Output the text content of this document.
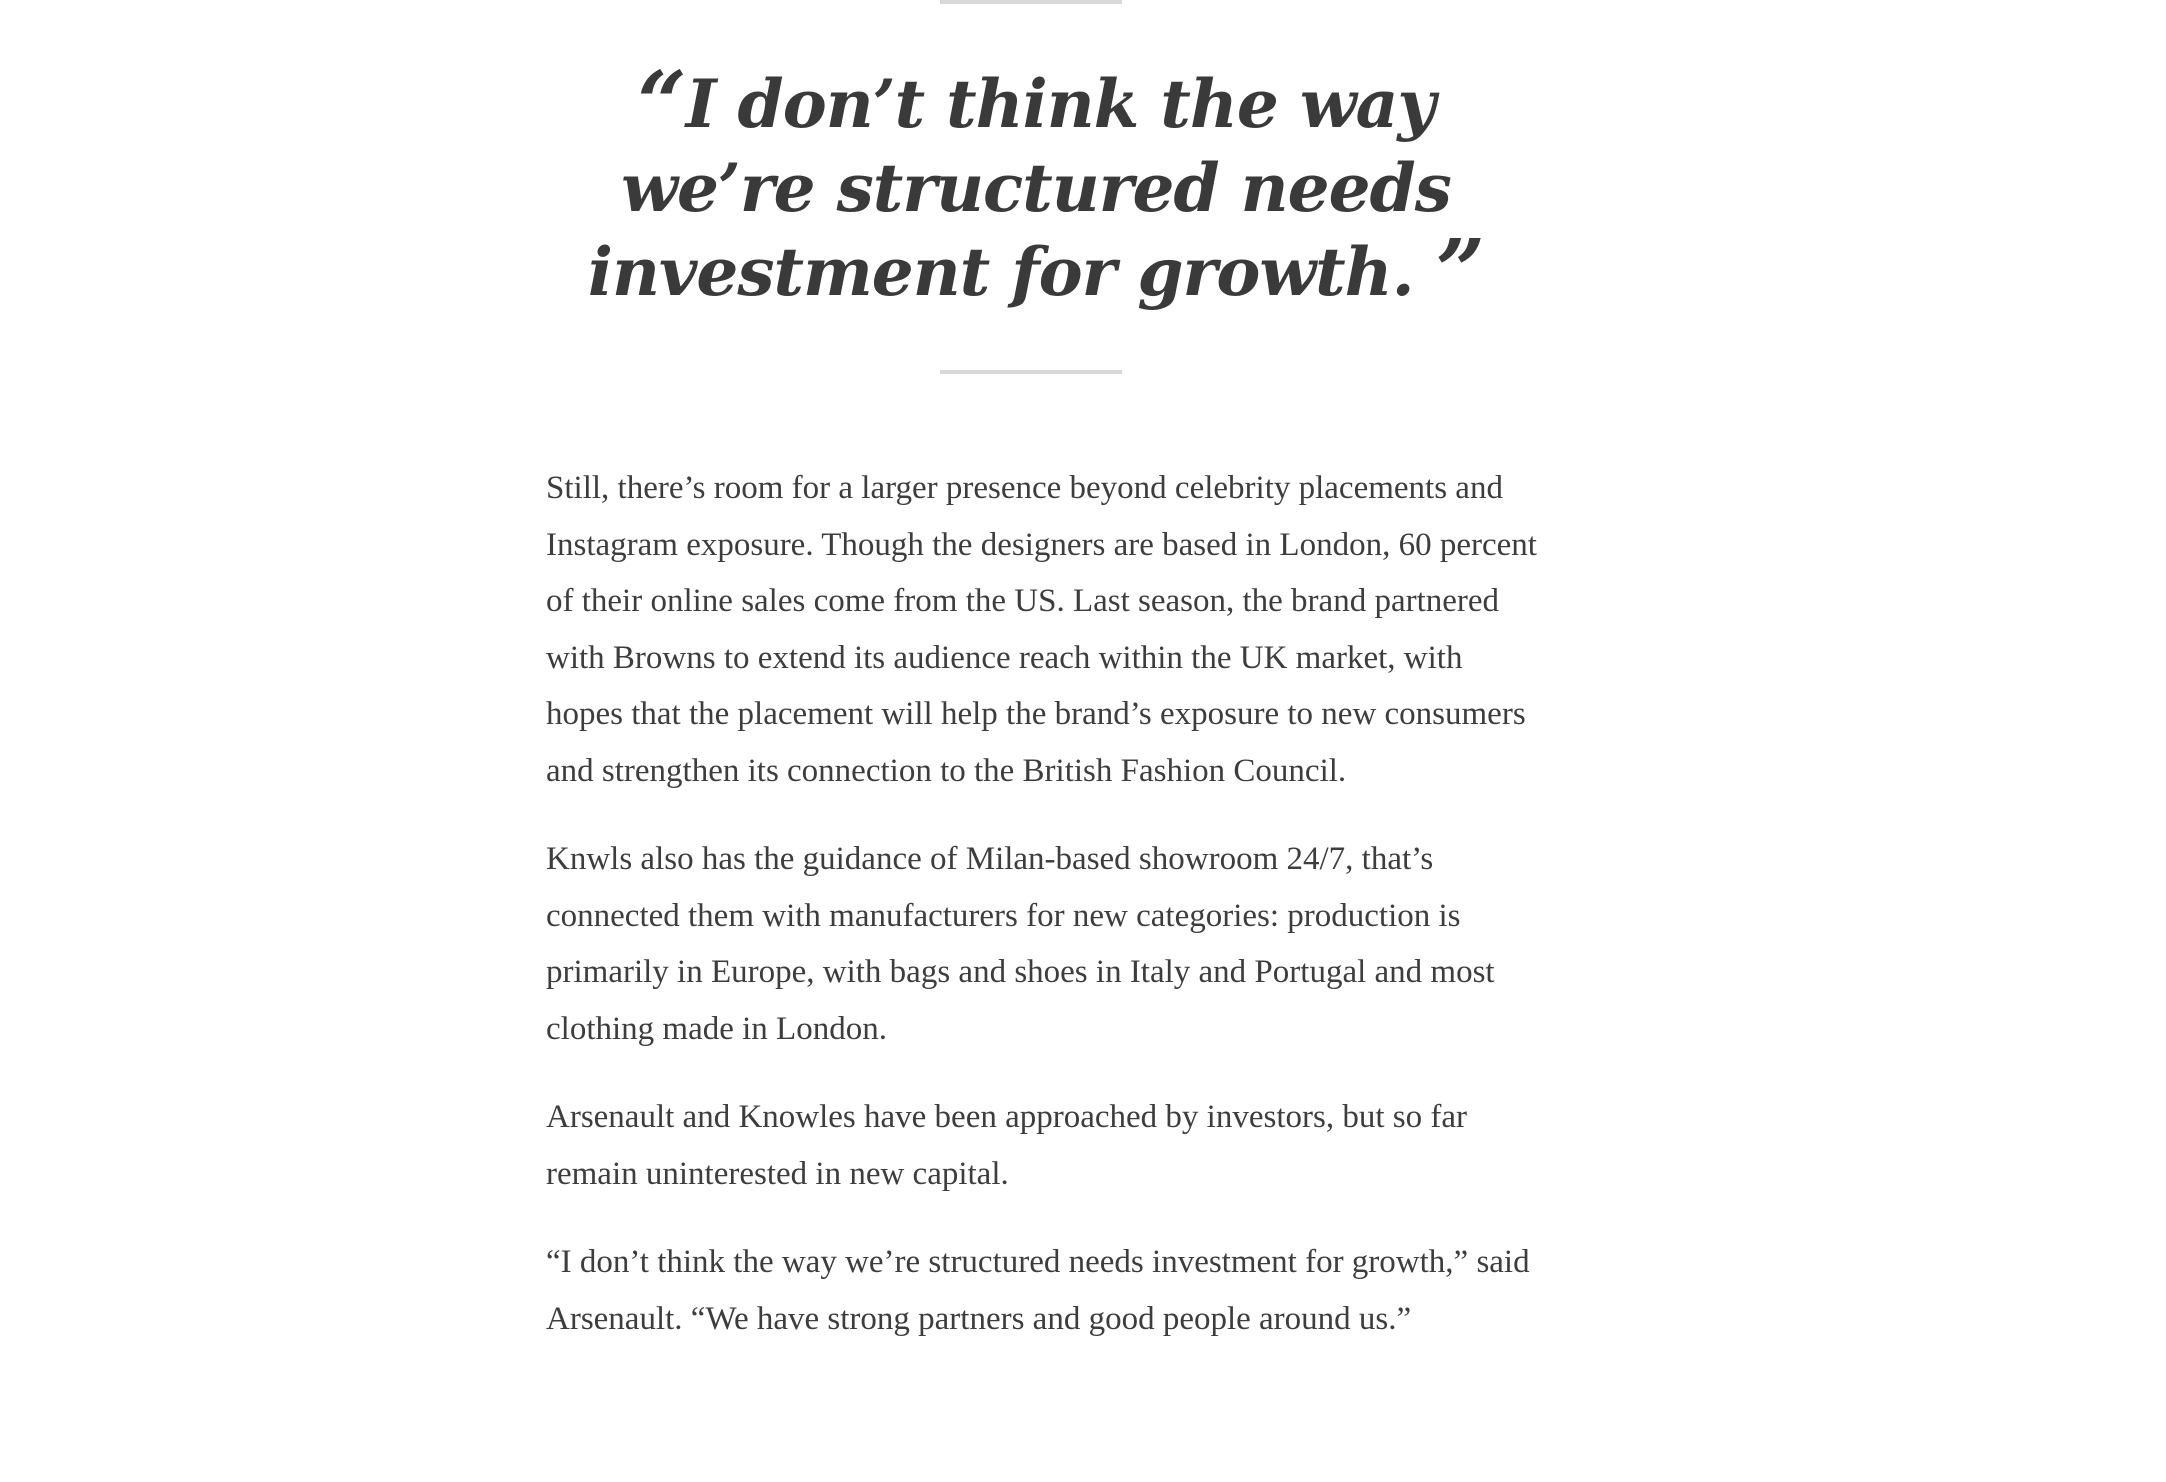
“I don’t think the way we’re structured needs investment for growth. ”

Still, there’s room for a larger presence beyond celebrity placements and Instagram exposure. Though the designers are based in London, 60 percent of their online sales come from the US. Last season, the brand partnered with Browns to extend its audience reach within the UK market, with hopes that the placement will help the brand’s exposure to new consumers and strengthen its connection to the British Fashion Council.

Knwls also has the guidance of Milan-based showroom 24/7, that’s connected them with manufacturers for new categories: production is primarily in Europe, with bags and shoes in Italy and Portugal and most clothing made in London.

Arsenault and Knowles have been approached by investors, but so far remain uninterested in new capital.

“I don’t think the way we’re structured needs investment for growth,” said Arsenault. “We have strong partners and good people around us.”
